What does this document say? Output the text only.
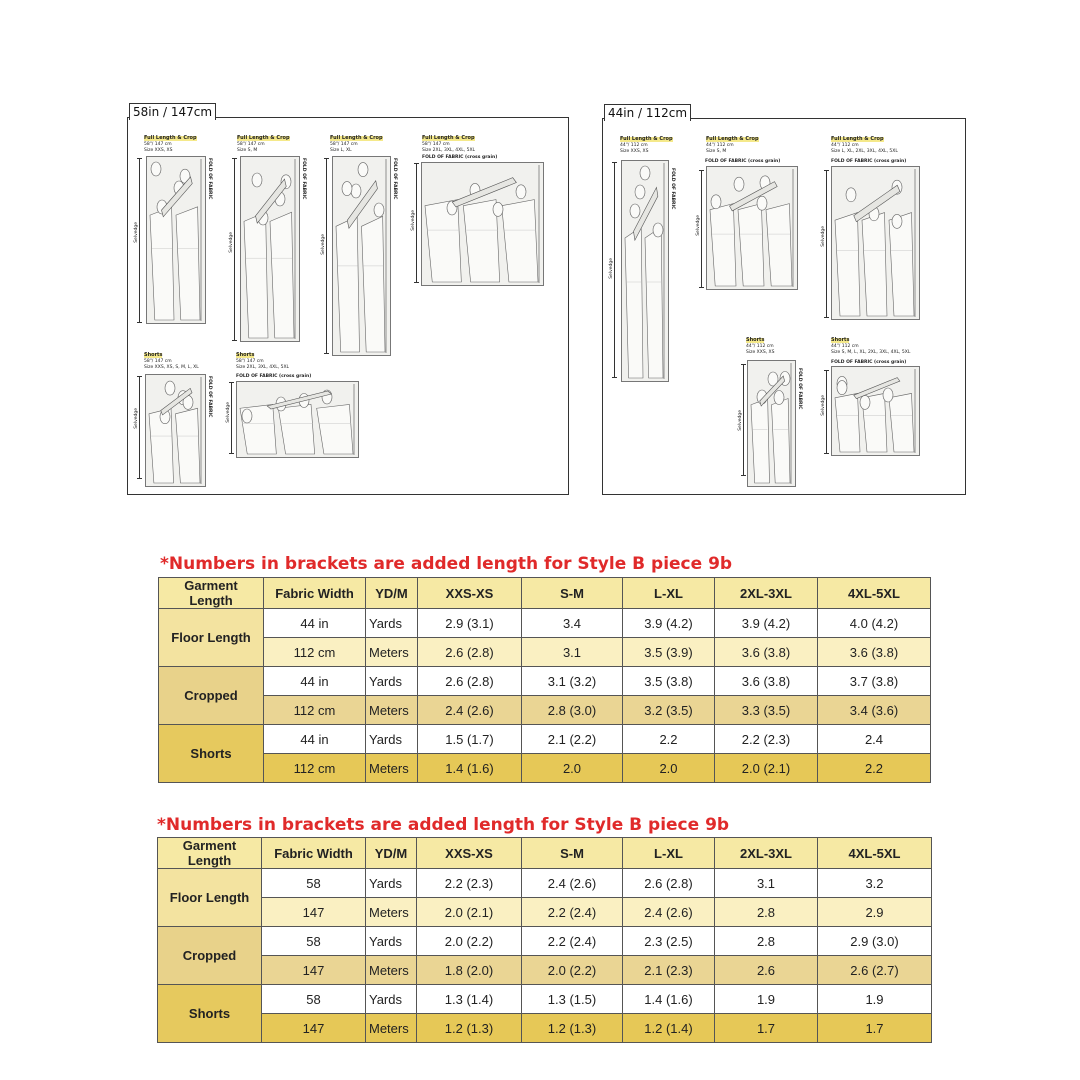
58in / 147cm
Full Length & Crop
58"/ 147 cm
Size XXS, XS
Selvedge
FOLD OF FABRIC
Full Length & Crop
58"/ 147 cm
Size S, M
Selvedge
FOLD OF FABRIC
Full Length & Crop
58"/ 147 cm
Size L, XL
Selvedge
FOLD OF FABRIC
Full Length & Crop
58"/ 147 cm
Size 2XL, 3XL, 4XL, 5XL
FOLD OF FABRIC (cross grain)
Selvedge
Shorts
58"/ 147 cm
Size XXS, XS, S, M, L, XL
Selvedge
FOLD OF FABRIC
Shorts
58"/ 147 cm
Size 2XL, 3XL, 4XL, 5XL
FOLD OF FABRIC (cross grain)
Selvedge
44in / 112cm
Full Length & Crop
44"/ 112 cm
Size XXS, XS
Selvedge
FOLD OF FABRIC
Full Length & Crop
44"/ 112 cm
Size S, M
FOLD OF FABRIC (cross grain)
Selvedge
Full Length & Crop
44"/ 112 cm
Size L, XL, 2XL, 3XL, 4XL, 5XL
FOLD OF FABRIC (cross grain)
Selvedge
Shorts
44"/ 112 cm
Size XXS, XS
Selvedge
FOLD OF FABRIC
Shorts
44"/ 112 cm
Size S, M, L, XL, 2XL, 3XL, 4XL, 5XL
FOLD OF FABRIC (cross grain)
Selvedge
*Numbers in brackets are added length for Style B piece 9b
Garment Length	Fabric Width	YD/M	XXS-XS	S-M	L-XL	2XL-3XL	4XL-5XL
Floor Length	44 in	Yards	2.9 (3.1)	3.4	3.9 (4.2)	3.9 (4.2)	4.0 (4.2)
	112 cm	Meters	2.6 (2.8)	3.1	3.5 (3.9)	3.6 (3.8)	3.6 (3.8)
Cropped	44 in	Yards	2.6 (2.8)	3.1 (3.2)	3.5 (3.8)	3.6 (3.8)	3.7 (3.8)
	112 cm	Meters	2.4 (2.6)	2.8 (3.0)	3.2 (3.5)	3.3 (3.5)	3.4 (3.6)
Shorts	44 in	Yards	1.5 (1.7)	2.1 (2.2)	2.2	2.2 (2.3)	2.4
	112 cm	Meters	1.4 (1.6)	2.0	2.0	2.0 (2.1)	2.2
*Numbers in brackets are added length for Style B piece 9b
Garment Length	Fabric Width	YD/M	XXS-XS	S-M	L-XL	2XL-3XL	4XL-5XL
Floor Length	58	Yards	2.2 (2.3)	2.4 (2.6)	2.6 (2.8)	3.1	3.2
	147	Meters	2.0 (2.1)	2.2 (2.4)	2.4 (2.6)	2.8	2.9
Cropped	58	Yards	2.0 (2.2)	2.2 (2.4)	2.3 (2.5)	2.8	2.9 (3.0)
	147	Meters	1.8 (2.0)	2.0 (2.2)	2.1 (2.3)	2.6	2.6 (2.7)
Shorts	58	Yards	1.3 (1.4)	1.3 (1.5)	1.4 (1.6)	1.9	1.9
	147	Meters	1.2 (1.3)	1.2 (1.3)	1.2 (1.4)	1.7	1.7
